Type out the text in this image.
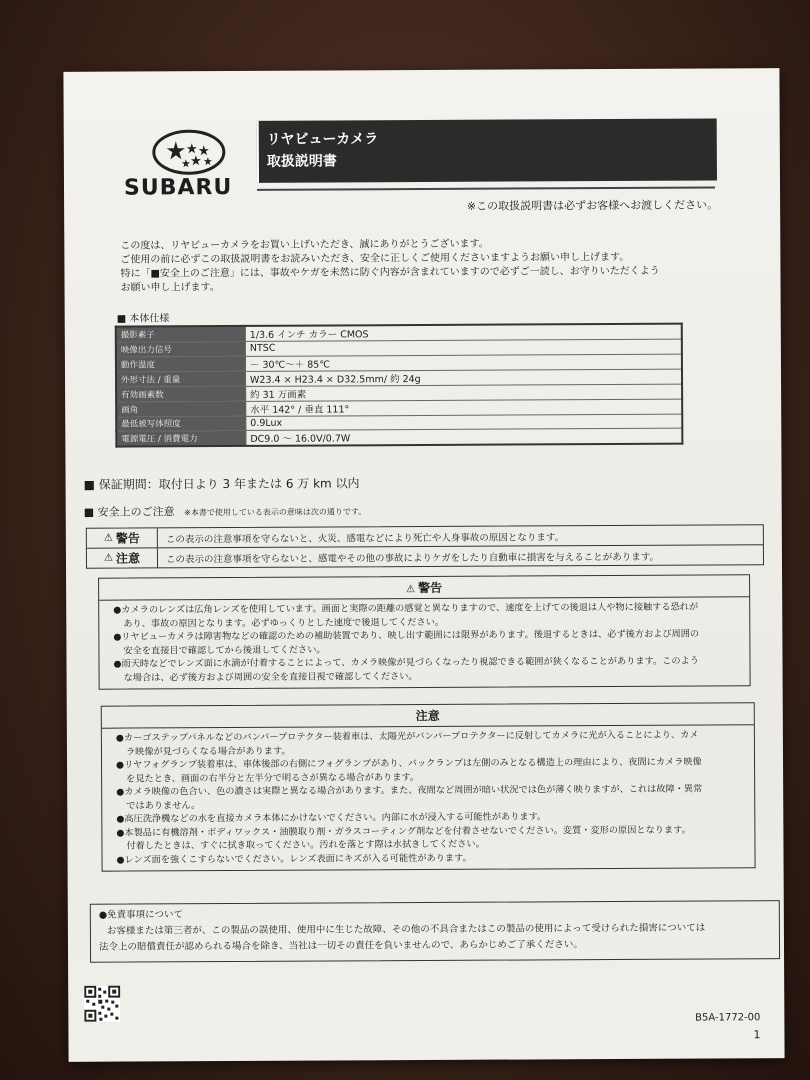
SUBARU
リヤビューカメラ
取扱説明書
※この取扱説明書は必ずお客様へお渡しください。
この度は、リヤビューカメラをお買い上げいただき、誠にありがとうございます。
ご使用の前に必ずこの取扱説明書をお読みいただき、安全に正しくご使用くださいますようお願い申し上げます。
特に「■安全上のご注意」には、事故やケガを未然に防ぐ内容が含まれていますので必ずご一読し、お守りいただくよう
お願い申し上げます。
■ 本体仕様
撮影素子	1/3.6 インチ カラー CMOS
映像出力信号	NTSC
動作温度	－ 30℃～＋ 85℃
外形寸法 / 重量	W23.4 × H23.4 × D32.5mm/ 約 24g
有効画素数	約 31 万画素
画角	水平 142° / 垂直 111°
最低被写体照度	0.9Lux
電源電圧 / 消費電力	DC9.0 ～ 16.0V/0.7W
■ 保証期間：取付日より 3 年または 6 万 km 以内
■ 安全上のご注意 ※本書で使用している表示の意味は次の通りです。
⚠ 警告	この表示の注意事項を守らないと、火災、感電などにより死亡や人身事故の原因となります。
⚠ 注意	この表示の注意事項を守らないと、感電やその他の事故によりケガをしたり自動車に損害を与えることがあります。
⚠ 警告
●カメラのレンズは広角レンズを使用しています。画面と実際の距離の感覚と異なりますので、速度を上げての後退は人や物に接触する恐れが
あり、事故の原因となります。必ずゆっくりとした速度で後退してください。
●リヤビューカメラは障害物などの確認のための補助装置であり、映し出す範囲には限界があります。後退するときは、必ず後方および周囲の
安全を直接目で確認してから後退してください。
●雨天時などでレンズ面に水滴が付着することによって、カメラ映像が見づらくなったり視認できる範囲が狭くなることがあります。このよう
な場合は、必ず後方および周囲の安全を直接目視で確認してください。
注意
●カーゴステップパネルなどのバンパープロテクター装着車は、太陽光がバンパープロテクターに反射してカメラに光が入ることにより、カメ
ラ映像が見づらくなる場合があります。
●リヤフォグランプ装着車は、車体後部の右側にフォグランプがあり、バックランプは左側のみとなる構造上の理由により、夜間にカメラ映像
を見たとき、画面の右半分と左半分で明るさが異なる場合があります。
●カメラ映像の色合い、色の濃さは実際と異なる場合があります。また、夜間など周囲が暗い状況では色が薄く映りますが、これは故障・異常
ではありません。
●高圧洗浄機などの水を直接カメラ本体にかけないでください。内部に水が浸入する可能性があります。
●本製品に有機溶剤・ボディワックス・油膜取り剤・ガラスコーティング剤などを付着させないでください。変質・変形の原因となります。
付着したときは、すぐに拭き取ってください。汚れを落とす際は水拭きしてください。
●レンズ面を強くこすらないでください。レンズ表面にキズが入る可能性があります。
●免責事項について
お客様または第三者が、この製品の誤使用、使用中に生じた故障、その他の不具合またはこの製品の使用によって受けられた損害については
法令上の賠償責任が認められる場合を除き、当社は一切その責任を負いませんので、あらかじめご了承ください。
B5A-1772-00
1
